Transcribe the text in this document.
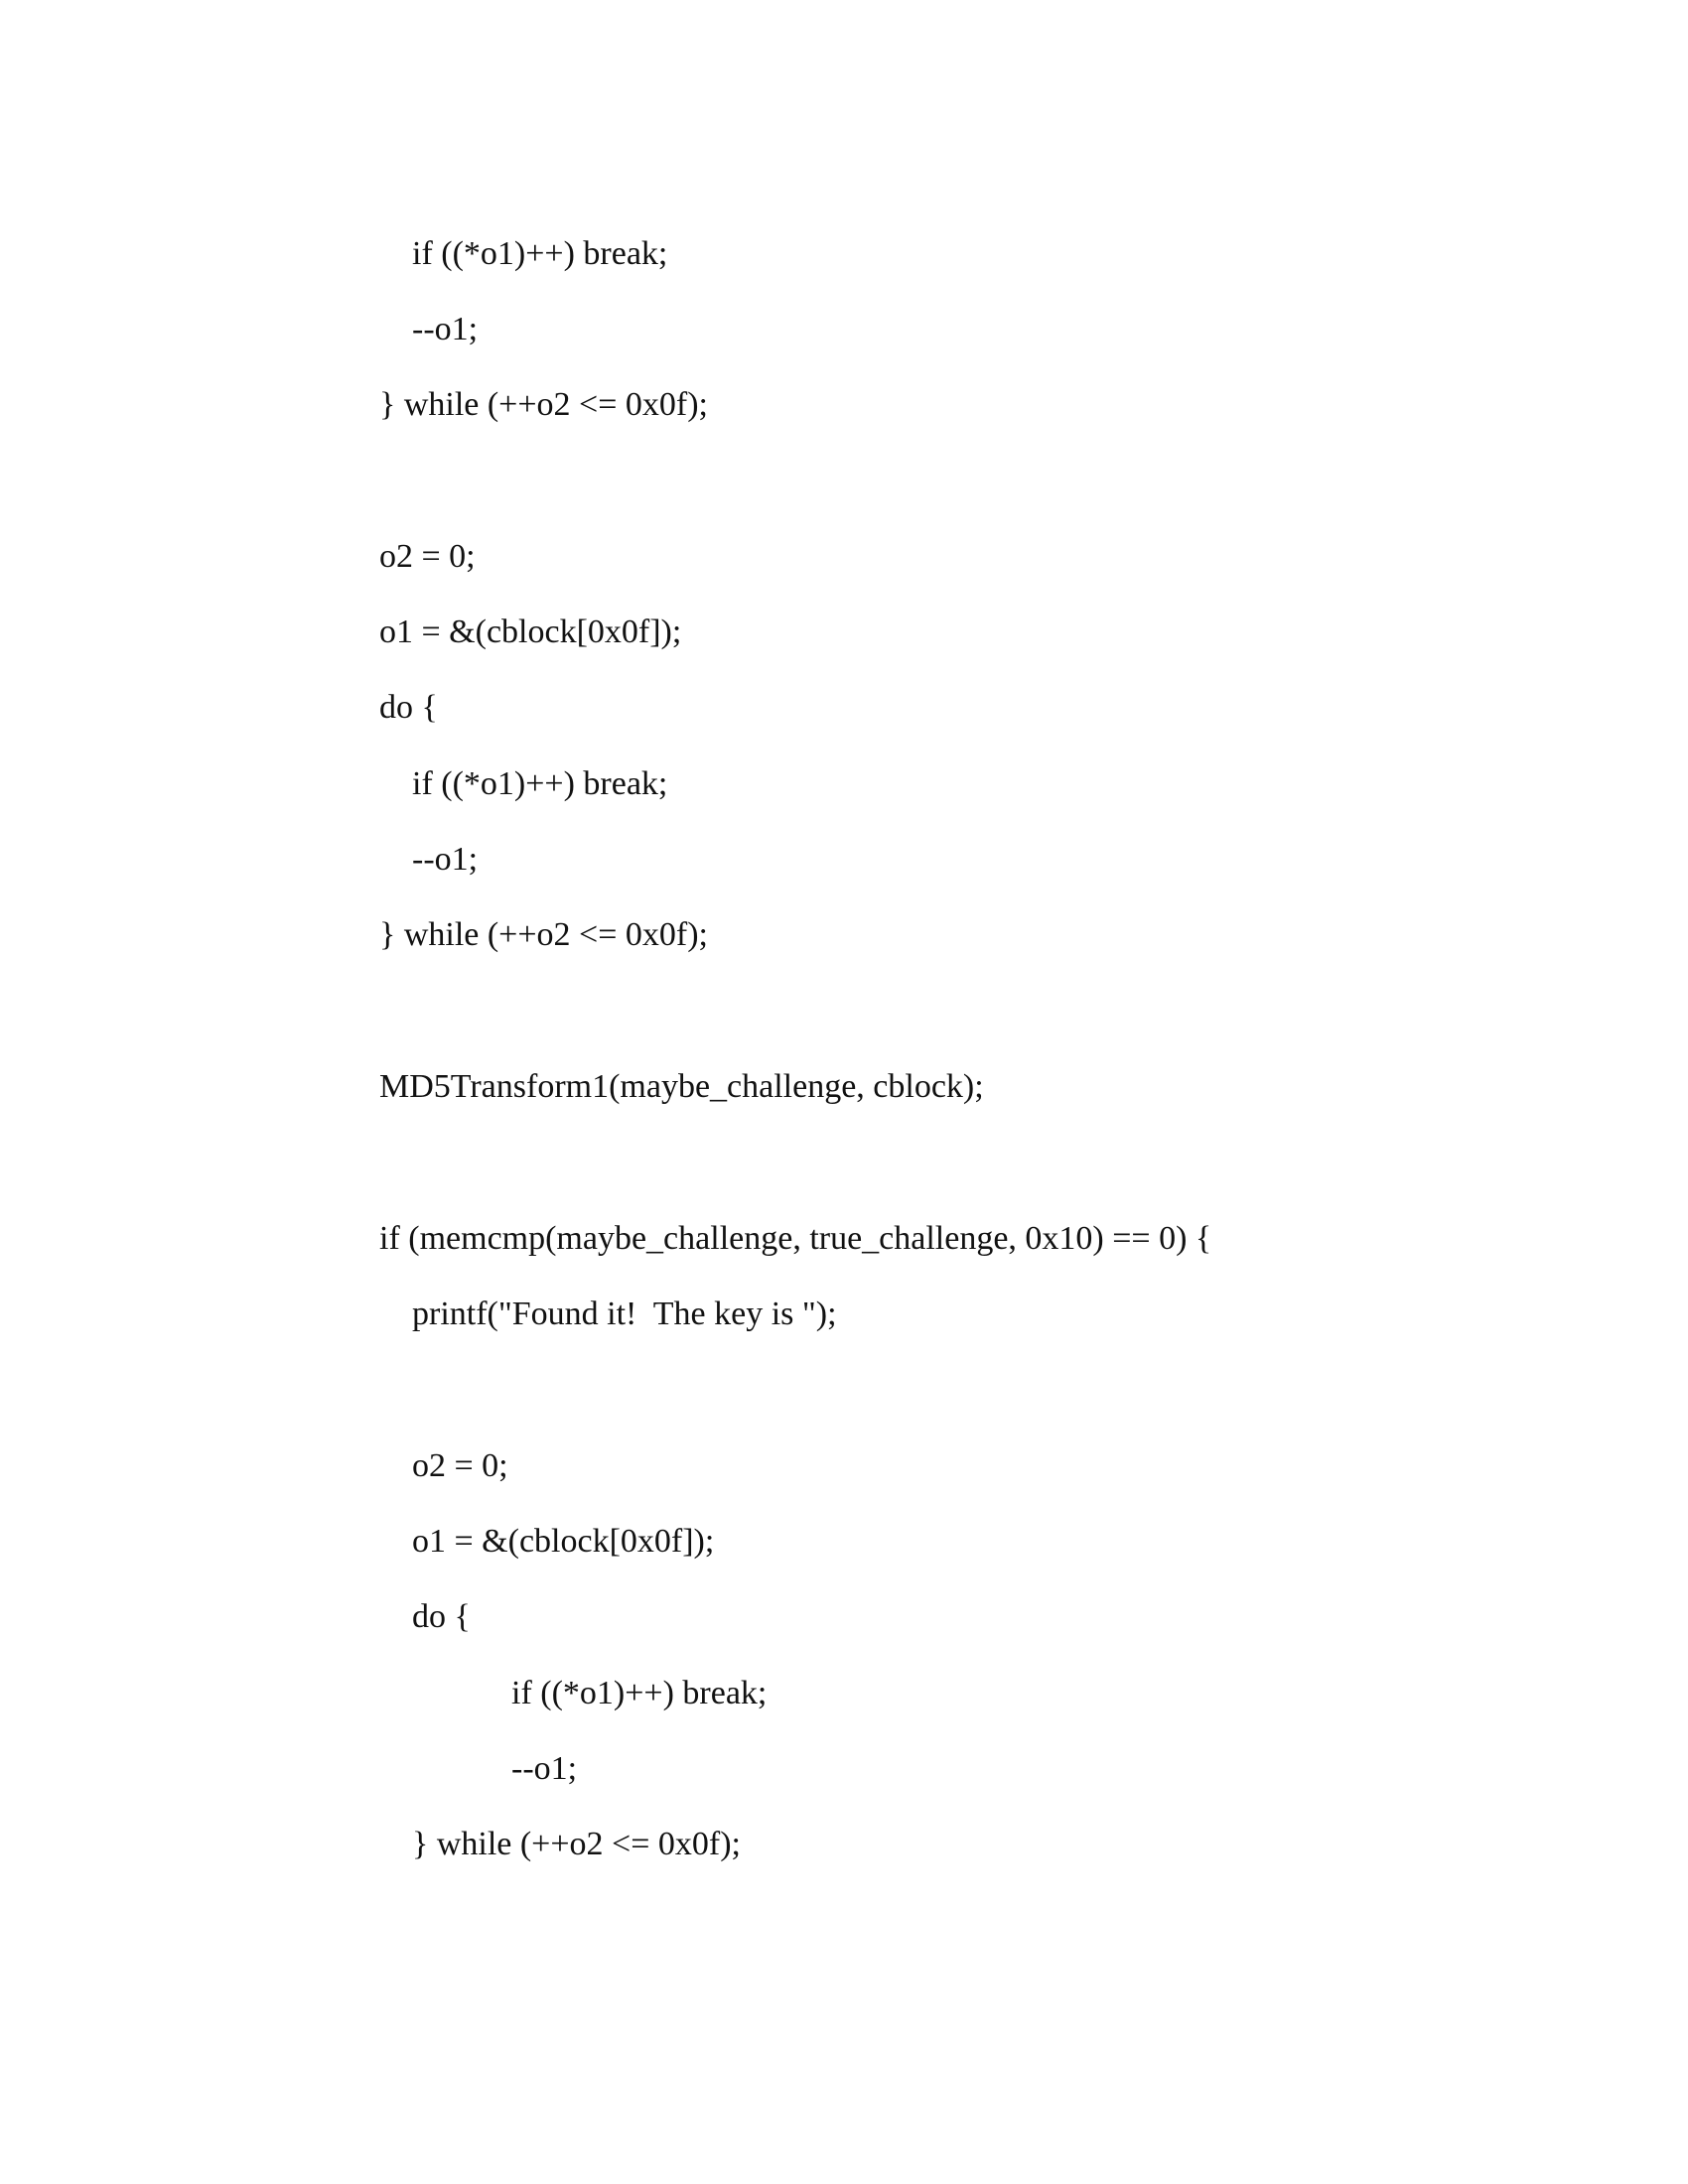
if ((*o1)++) break;
--o1;
} while (++o2 <= 0x0f);
o2 = 0;
o1 = &(cblock[0x0f]);
do {
if ((*o1)++) break;
--o1;
} while (++o2 <= 0x0f);
MD5Transform1(maybe_challenge, cblock);
if (memcmp(maybe_challenge, true_challenge, 0x10) == 0) {
printf("Found it!  The key is ");
o2 = 0;
o1 = &(cblock[0x0f]);
do {
if ((*o1)++) break;
--o1;
} while (++o2 <= 0x0f);
